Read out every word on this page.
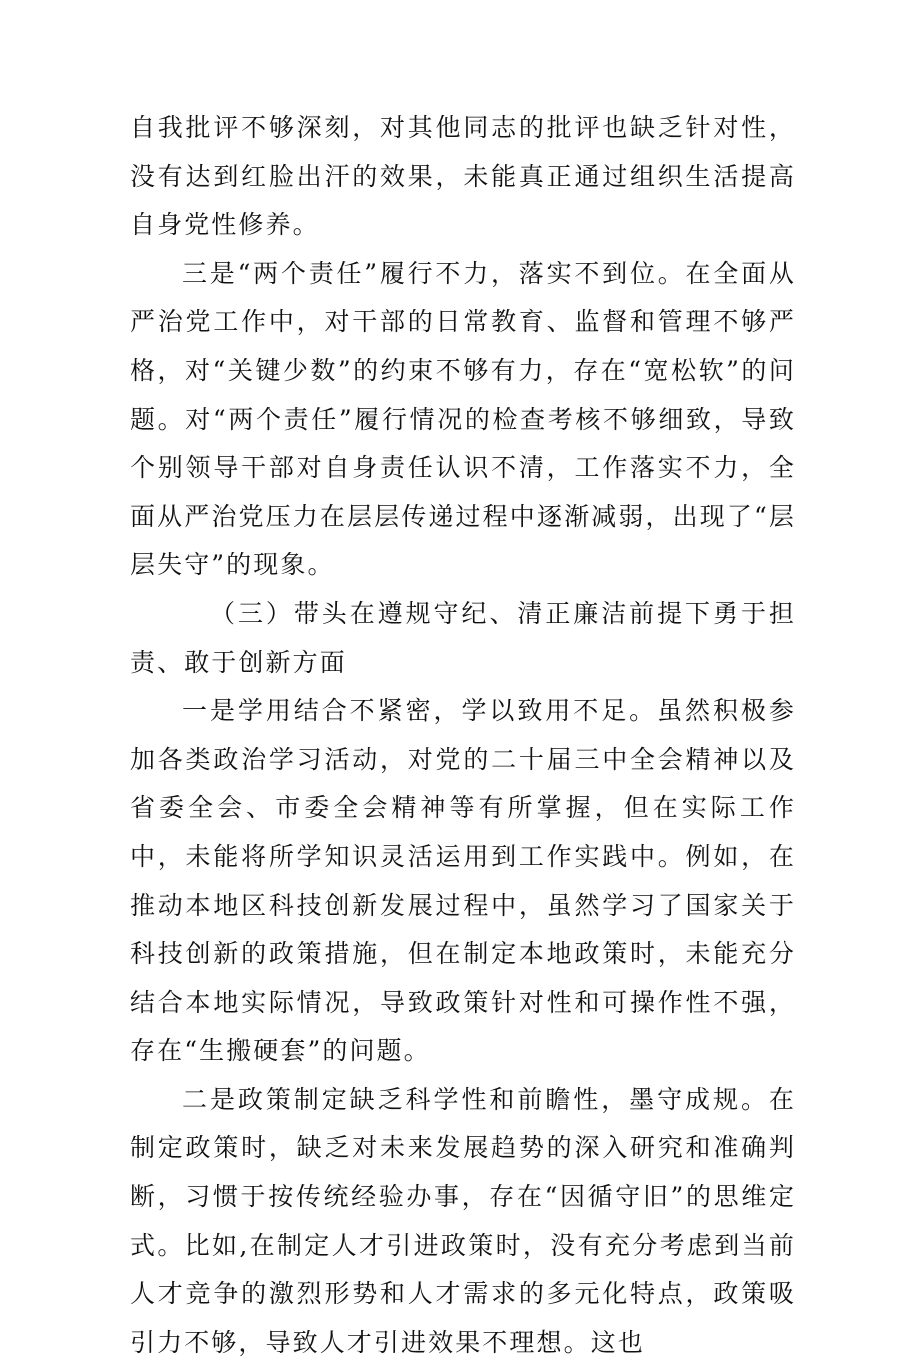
自我批评不够深刻，对其他同志的批评也缺乏针对性，没有达到红脸出汗的效果，未能真正通过组织生活提高自身党性修养。

三是“两个责任”履行不力，落实不到位。在全面从严治党工作中，对干部的日常教育、监督和管理不够严格，对“关键少数”的约束不够有力，存在“宽松软”的问题。对“两个责任”履行情况的检查考核不够细致，导致个别领导干部对自身责任认识不清，工作落实不力，全面从严治党压力在层层传递过程中逐渐减弱，出现了“层层失守”的现象。

（三）带头在遵规守纪、清正廉洁前提下勇于担责、敢于创新方面

一是学用结合不紧密，学以致用不足。虽然积极参加各类政治学习活动，对党的二十届三中全会精神以及省委全会、市委全会精神等有所掌握，但在实际工作中，未能将所学知识灵活运用到工作实践中。例如，在推动本地区科技创新发展过程中，虽然学习了国家关于科技创新的政策措施，但在制定本地政策时，未能充分结合本地实际情况，导致政策针对性和可操作性不强，存在“生搬硬套”的问题。

二是政策制定缺乏科学性和前瞻性，墨守成规。在制定政策时，缺乏对未来发展趋势的深入研究和准确判断，习惯于按传统经验办事，存在“因循守旧”的思维定式。比如,在制定人才引进政策时，没有充分考虑到当前人才竞争的激烈形势和人才需求的多元化特点，政策吸引力不够，导致人才引进效果不理想。这也
